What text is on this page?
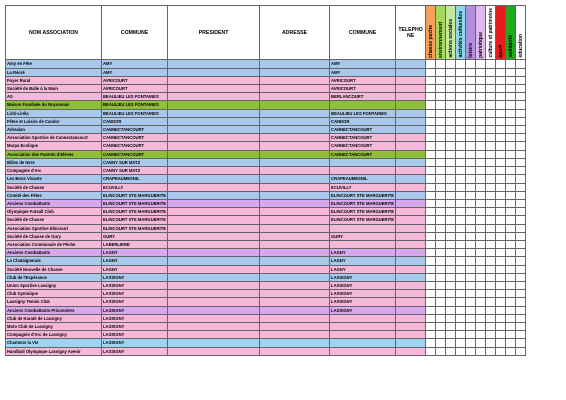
NOM ASSOCIATION	COMMUNE	PRESIDENT	ADRESSE	COMMUNE	TELEPHONE	chasse peche	environnement	actions sociales	activités culturelles	loisirs	patriotique	culture et patrimoine	sport	solidarité	éducation
Amy en Fête	AMY			AMY											
La Récré	AMY			AMY											
Foyer Rural	AVRICOURT			AVRICOURT											
Société de Balle à la Main	AVRICOURT			AVRICOURT											
AS	BEAULIEU LES FONTAINES			BERLANCOURT											
Maison Familiale du Noyonnais	BEAULIEU LES FONTAINES														
Liriti-Liréla	BEAULIEU LES FONTAINES			BEAULIEU LES FONTAINES											
Fêtes et Loisirs de Candor	CANDOR			CANDOR											
Adrealan	CANNECTANCOURT			CANNECTANCOURT											
Association Sportive de Cannectancourt	CANNECTANCOURT			CANNECTANCOURT											
Marpa Ecolique	CANNECTANCOURT			CANNECTANCOURT											
Association des Parents d'Elèves	CANNECTANCOURT			CANNECTANCOURT											
Billes de terre	CANNY SUR MATZ														
Compagnie d'Arc	CANNY SUR MATZ														
Les Bons Vivants	CRAPEAUMESNIL			CRAPEAUMESNIL											
Société de Chasse	ECUVILLY			ECUVILLY											
Comité des Fêtes	ELINCOURT STE MARGUERITE			ELINCOURT STE MARGUERITE											
Anciens Combattants	ELINCOURT STE MARGUERITE			ELINCOURT STE MARGUERITE											
Olympique Futsall Club	ELINCOURT STE MARGUERITE			ELINCOURT STE MARGUERITE											
Société de Chasse	ELINCOURT STE MARGUERITE			ELINCOURT STE MARGUERITE											
Association Sportive Elincourt	ELINCOURT STE MARGUERITE														
Société de Chasse de Gury	GURY			GURY											
Association Communale de Pêche	LABERLIERE														
Anciens Combattants	LAGNY			LAGNY											
La Chataigneraie	LAGNY			LAGNY											
Société Nouvelle de Chasse	LAGNY			LAGNY											
Club de l'Espérance	LASSIGNY			LASSIGNY											
Union Sportive Lassigny	LASSIGNY			LASSIGNY											
Club Gymnique	LASSIGNY			LASSIGNY											
Lassigny Tennis Club	LASSIGNY			LASSIGNY											
Anciens Combattants-Prisonniers	LASSIGNY			LASSIGNY											
Club de Karaté de Lassigny	LASSIGNY														
Moto Club de Lassigny	LASSIGNY														
Compagnie d'Arc de Lassigny	LASSIGNY														
Chantons la Vie	LASSIGNY														
Handball Olympique Lassigny Avenir	LASSIGNY														
